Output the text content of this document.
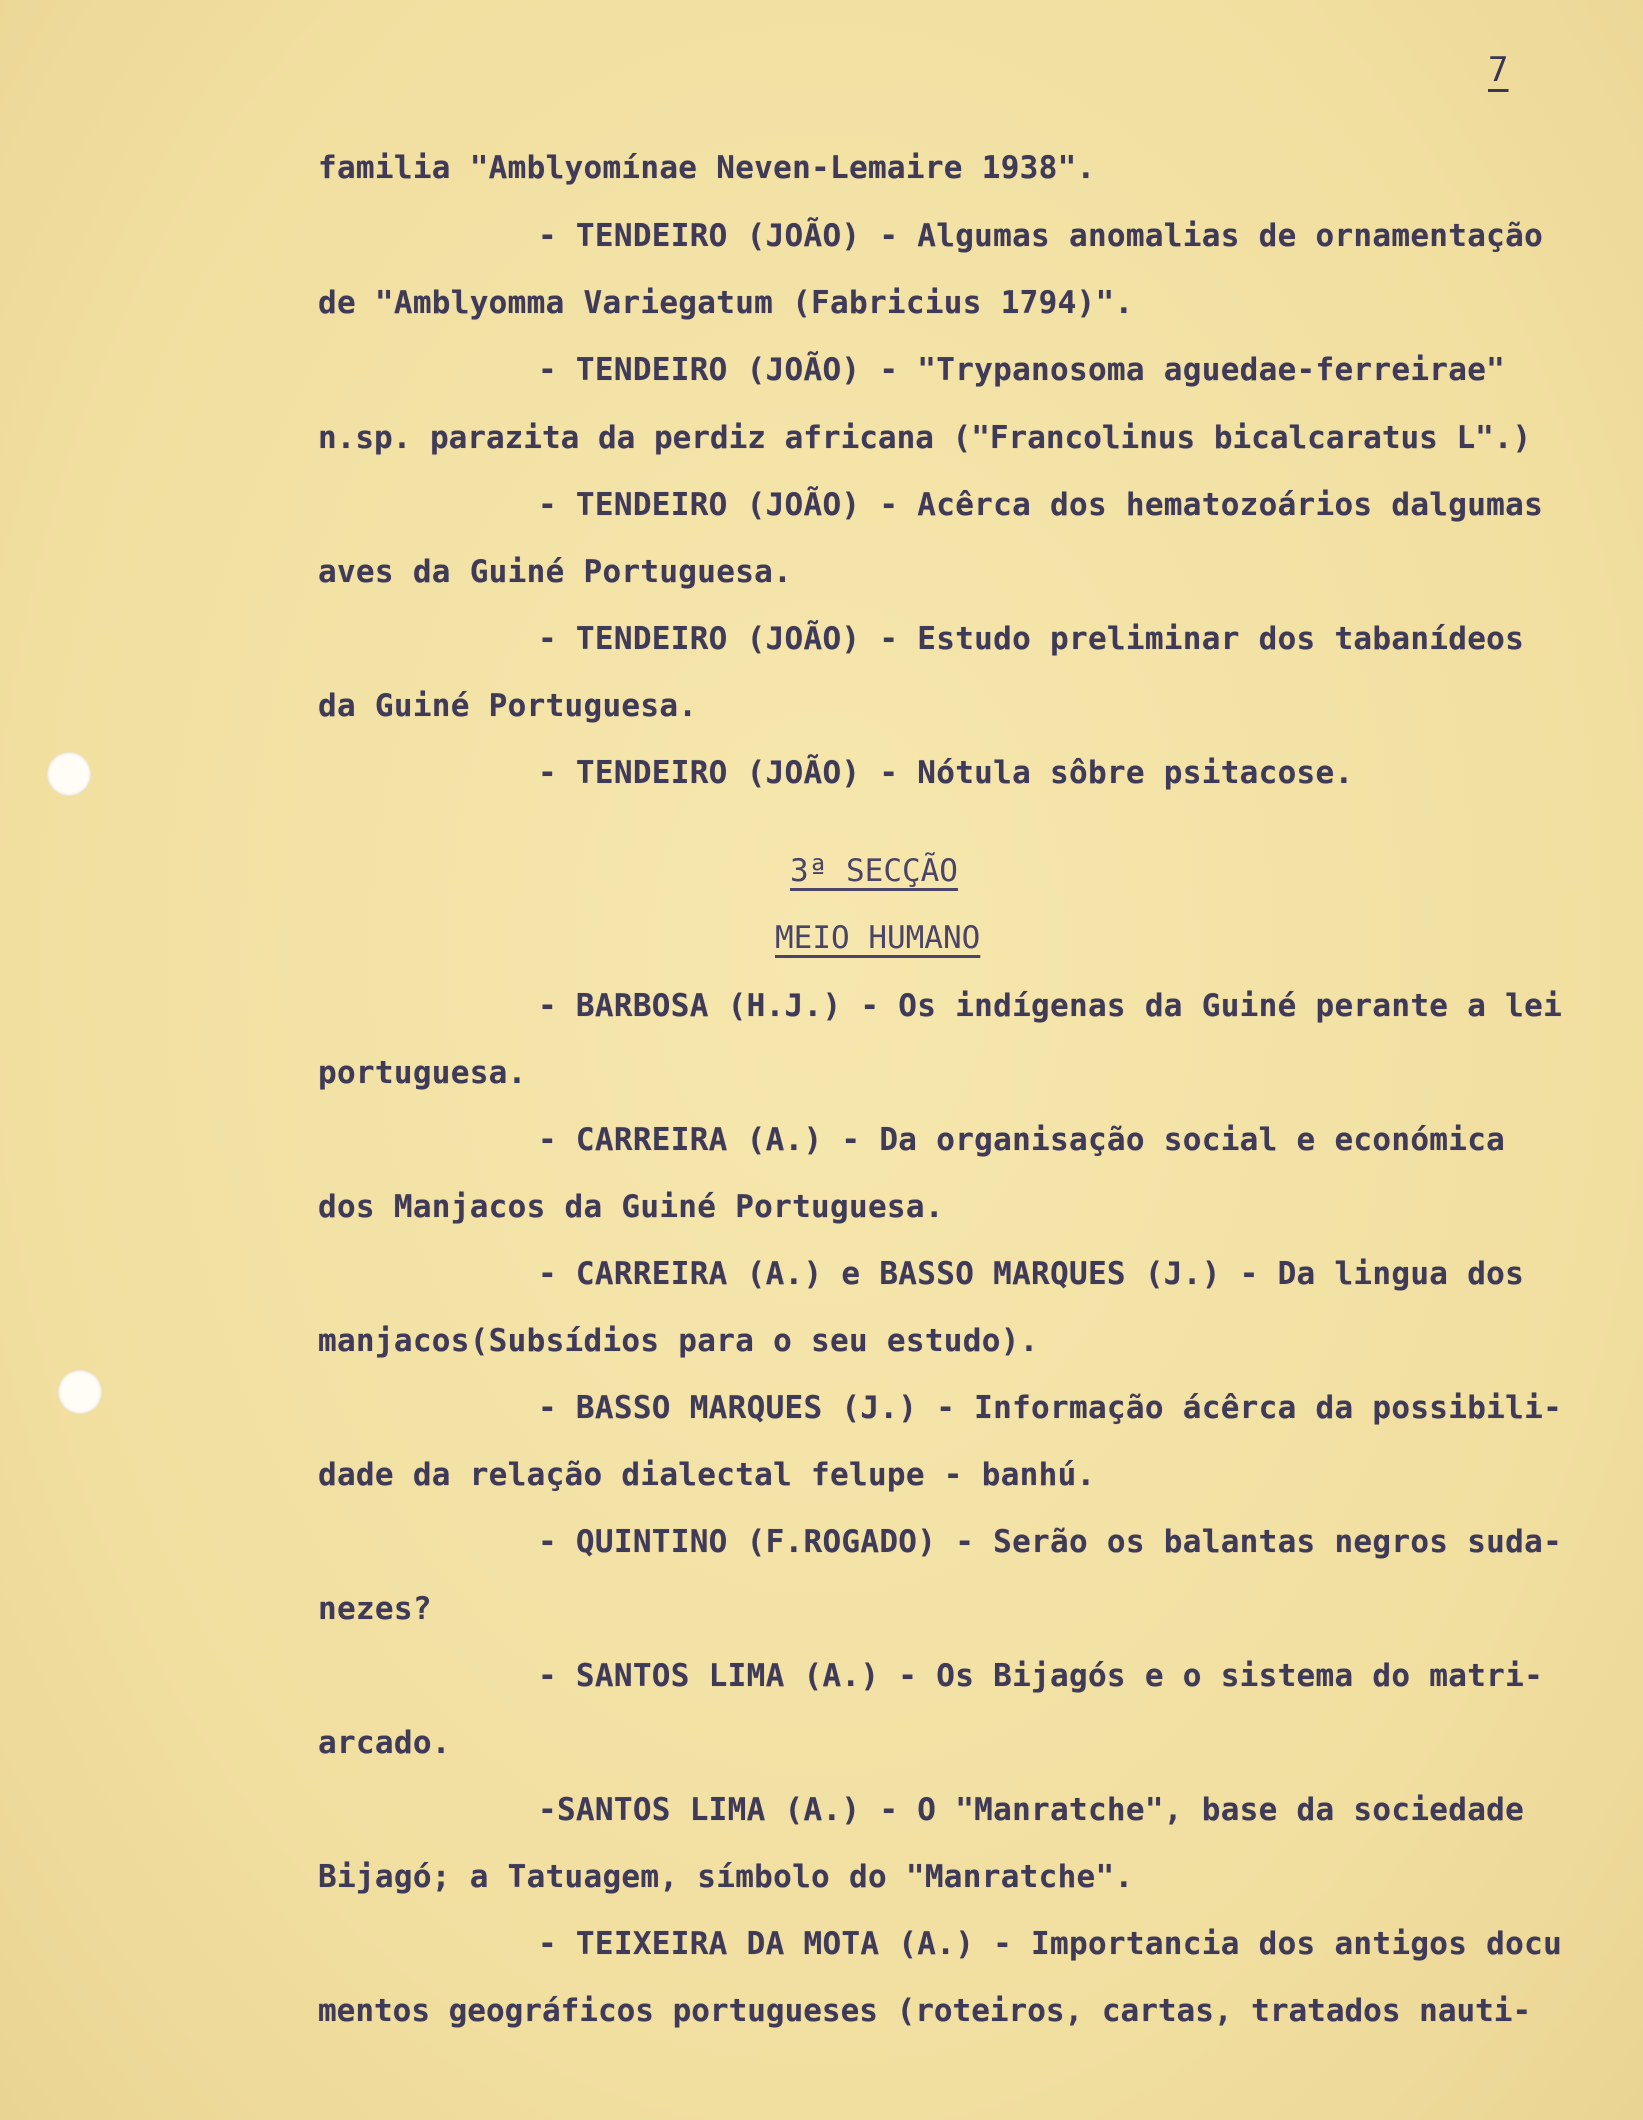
7
familia "Amblyomínae Neven-Lemaire 1938".
- TENDEIRO (JOÃO) - Algumas anomalias de ornamentação
de "Amblyomma Variegatum (Fabricius 1794)".
- TENDEIRO (JOÃO) - "Trypanosoma aguedae-ferreirae"
n.sp. parazita da perdiz africana ("Francolinus bicalcaratus L".)
- TENDEIRO (JOÃO) - Acêrca dos hematozoários dalgumas
aves da Guiné Portuguesa.
- TENDEIRO (JOÃO) - Estudo preliminar dos tabanídeos
da Guiné Portuguesa.
- TENDEIRO (JOÃO) - Nótula sôbre psitacose.
3ª SECÇÃO
MEIO HUMANO
- BARBOSA (H.J.) - Os indígenas da Guiné perante a lei
portuguesa.
- CARREIRA (A.) - Da organisação social e económica
dos Manjacos da Guiné Portuguesa.
- CARREIRA (A.) e BASSO MARQUES (J.) - Da lingua dos
manjacos(Subsídios para o seu estudo).
- BASSO MARQUES (J.) - Informação ácêrca da possibili-
dade da relação dialectal felupe - banhú.
- QUINTINO (F.ROGADO) - Serão os balantas negros suda-
nezes?
- SANTOS LIMA (A.) - Os Bijagós e o sistema do matri-
arcado.
-SANTOS LIMA (A.) - O "Manratche", base da sociedade
Bijagó; a Tatuagem, símbolo do "Manratche".
- TEIXEIRA DA MOTA (A.) - Importancia dos antigos docu
mentos geográficos portugueses (roteiros, cartas, tratados nauti-
